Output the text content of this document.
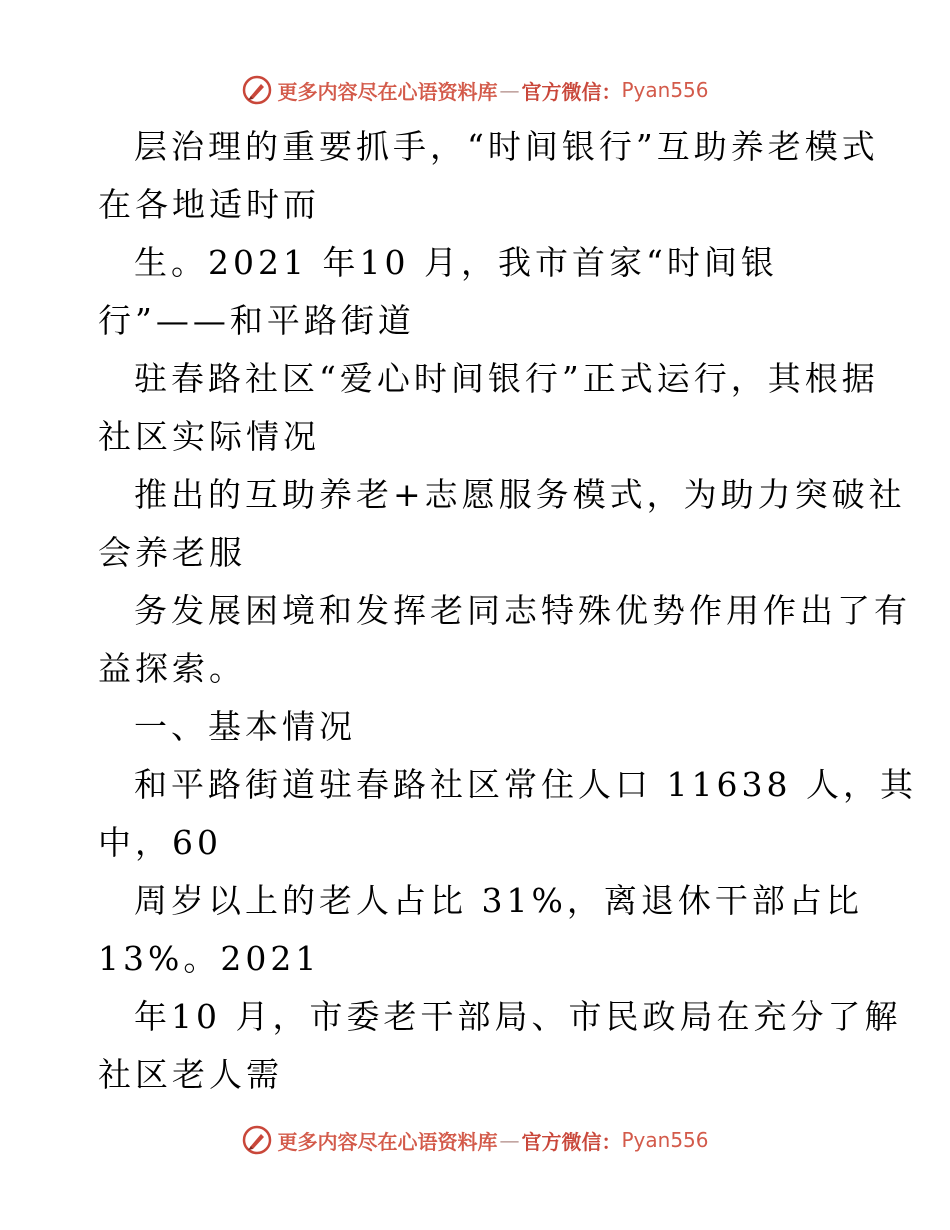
更多内容尽在心语资料库 — 官方微信： Pyan556
层治理的重要抓手，“时间银行”互助养老模式
在各地适时而
生。2021 年10 月，我市首家“时间银
行”——和平路街道
驻春路社区“爱心时间银行”正式运行，其根据
社区实际情况
推出的互助养老+志愿服务模式，为助力突破社
会养老服
务发展困境和发挥老同志特殊优势作用作出了有
益探索。
一、基本情况
和平路街道驻春路社区常住人口 11638 人，其
中，60
周岁以上的老人占比 31%，离退休干部占比
13%。2021
年10 月，市委老干部局、市民政局在充分了解
社区老人需
更多内容尽在心语资料库 — 官方微信： Pyan556
